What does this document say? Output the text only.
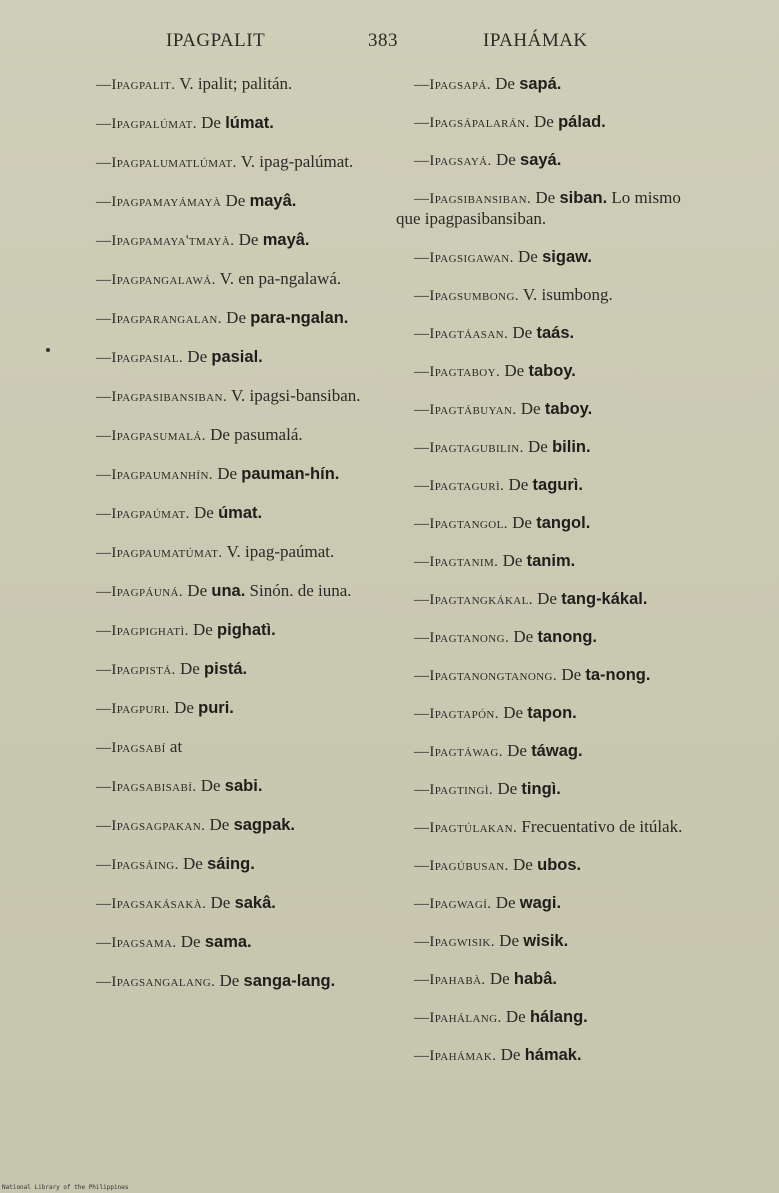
IPAGPALIT	383	IPAHÁMAK
—Ipagpalit. V. ipalit; palitán.
—Ipagpalúmat. De lúmat.
—Ipagpalumatlúmat. V. ipag-palúmat.
—Ipagpamayámayà De mayâ.
—Ipagpamaya'tmayà. De mayâ.
—Ipagpangalawá. V. en pa-ngalawá.
—Ipagparangalan. De para-ngalan.
—Ipagpasial. De pasial.
—Ipagpasibansiban. V. ipagsi-bansiban.
—Ipagpasumalá. De pasumalá.
—Ipagpaumanhín. De pauman-hín.
—Ipagpaúmat. De úmat.
—Ipagpaumatúmat. V. ipag-paúmat.
—Ipagpáuná. De una. Sinón. de iuna.
—Ipagpighatì. De pighatì.
—Ipagpistá. De pistá.
—Ipagpuri. De puri.
—Ipagsabí at
—Ipagsabisabí. De sabi.
—Ipagsagpakan. De sagpak.
—Ipagsáing. De sáing.
—Ipagsakásakà. De sakâ.
—Ipagsama. De sama.
—Ipagsangalang. De sanga-lang.
—Ipagsapá. De sapá.
—Ipagsápalarán. De pálad.
—Ipagsayá. De sayá.
—Ipagsibansiban. De siban. Lo mismo que ipagpasibansiban.
—Ipagsigawan. De sigaw.
—Ipagsumbong. V. isumbong.
—Ipagtáasan. De taás.
—Ipagtaboy. De taboy.
—Ipagtábuyan. De taboy.
—Ipagtagubilin. De bilin.
—Ipagtagurì. De tagurì.
—Ipagtangol. De tangol.
—Ipagtanim. De tanim.
—Ipagtangkákal. De tang-kákal.
—Ipagtanong. De tanong.
—Ipagtanongtanong. De ta-nong.
—Ipagtapón. De tapon.
—Ipagtáwag. De táwag.
—Ipagtingì. De tingì.
—Ipagtúlakan. Frecuentativo de itúlak.
—Ipagúbusan. De ubos.
—Ipagwagí. De wagi.
—Ipagwisik. De wisik.
—Ipahabà. De habâ.
—Ipahálang. De hálang.
—Ipahámak. De hámak.
National Library of the Philippines
